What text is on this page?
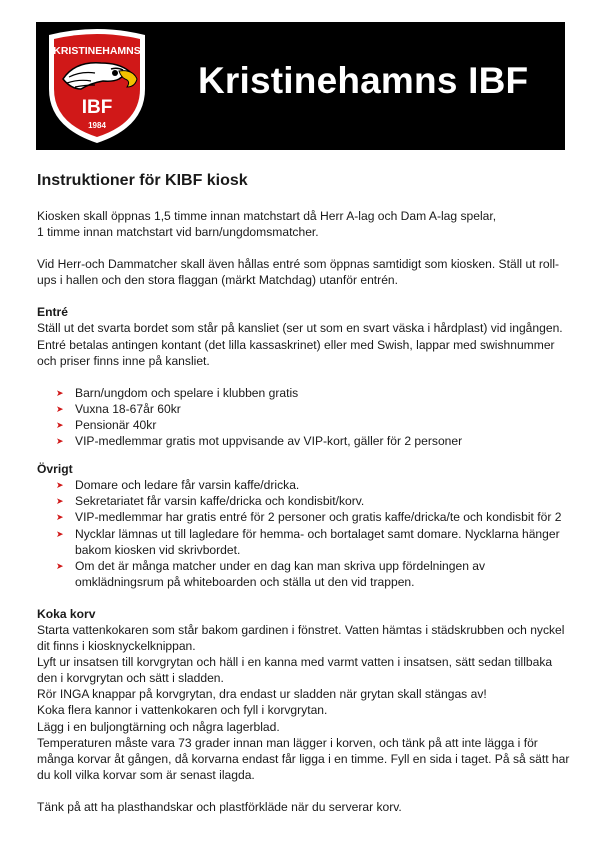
KRISTINEHAMNS
IBF
1984
Kristinehamns IBF
Instruktioner för KIBF kiosk

Kiosken skall öppnas 1,5 timme innan matchstart då Herr A-lag och Dam A-lag spelar,
1 timme innan matchstart vid barn/ungdomsmatcher.

Vid Herr-och Dammatcher skall även hållas entré som öppnas samtidigt som kiosken. Ställ ut roll-
ups i hallen och den stora flaggan (märkt Matchdag) utanför entrén.

Entré

Ställ ut det svarta bordet som står på kansliet (ser ut som en svart väska i hårdplast) vid ingången.
Entré betalas antingen kontant (det lilla kassaskrinet) eller med Swish, lappar med swishnummer
och priser finns inne på kansliet.

➤ Barn/ungdom och spelare i klubben gratis
➤ Vuxna 18-67år 60kr
➤ Pensionär 40kr
➤ VIP-medlemmar gratis mot uppvisande av VIP-kort, gäller för 2 personer
Övrigt
➤ Domare och ledare får varsin kaffe/dricka.
➤ Sekretariatet får varsin kaffe/dricka och kondisbit/korv.
➤ VIP-medlemmar har gratis entré för 2 personer och gratis kaffe/dricka/te och kondisbit för 2
➤ Nycklar lämnas ut till lagledare för hemma- och bortalaget samt domare. Nycklarna hänger
bakom kiosken vid skrivbordet.
➤ Om det är många matcher under en dag kan man skriva upp fördelningen av
omklädningsrum på whiteboarden och ställa ut den vid trappen.
Koka korv

Starta vattenkokaren som står bakom gardinen i fönstret. Vatten hämtas i städskrubben och nyckel
dit finns i kiosknyckelknippan.
Lyft ur insatsen till korvgrytan och häll i en kanna med varmt vatten i insatsen, sätt sedan tillbaka
den i korvgrytan och sätt i sladden.
Rör INGA knappar på korvgrytan, dra endast ur sladden när grytan skall stängas av!
Koka flera kannor i vattenkokaren och fyll i korvgrytan.
Lägg i en buljongtärning och några lagerblad.
Temperaturen måste vara 73 grader innan man lägger i korven, och tänk på att inte lägga i för
många korvar åt gången, då korvarna endast får ligga i en timme. Fyll en sida i taget. På så sätt har
du koll vilka korvar som är senast ilagda.

Tänk på att ha plasthandskar och plastförkläde när du serverar korv.
